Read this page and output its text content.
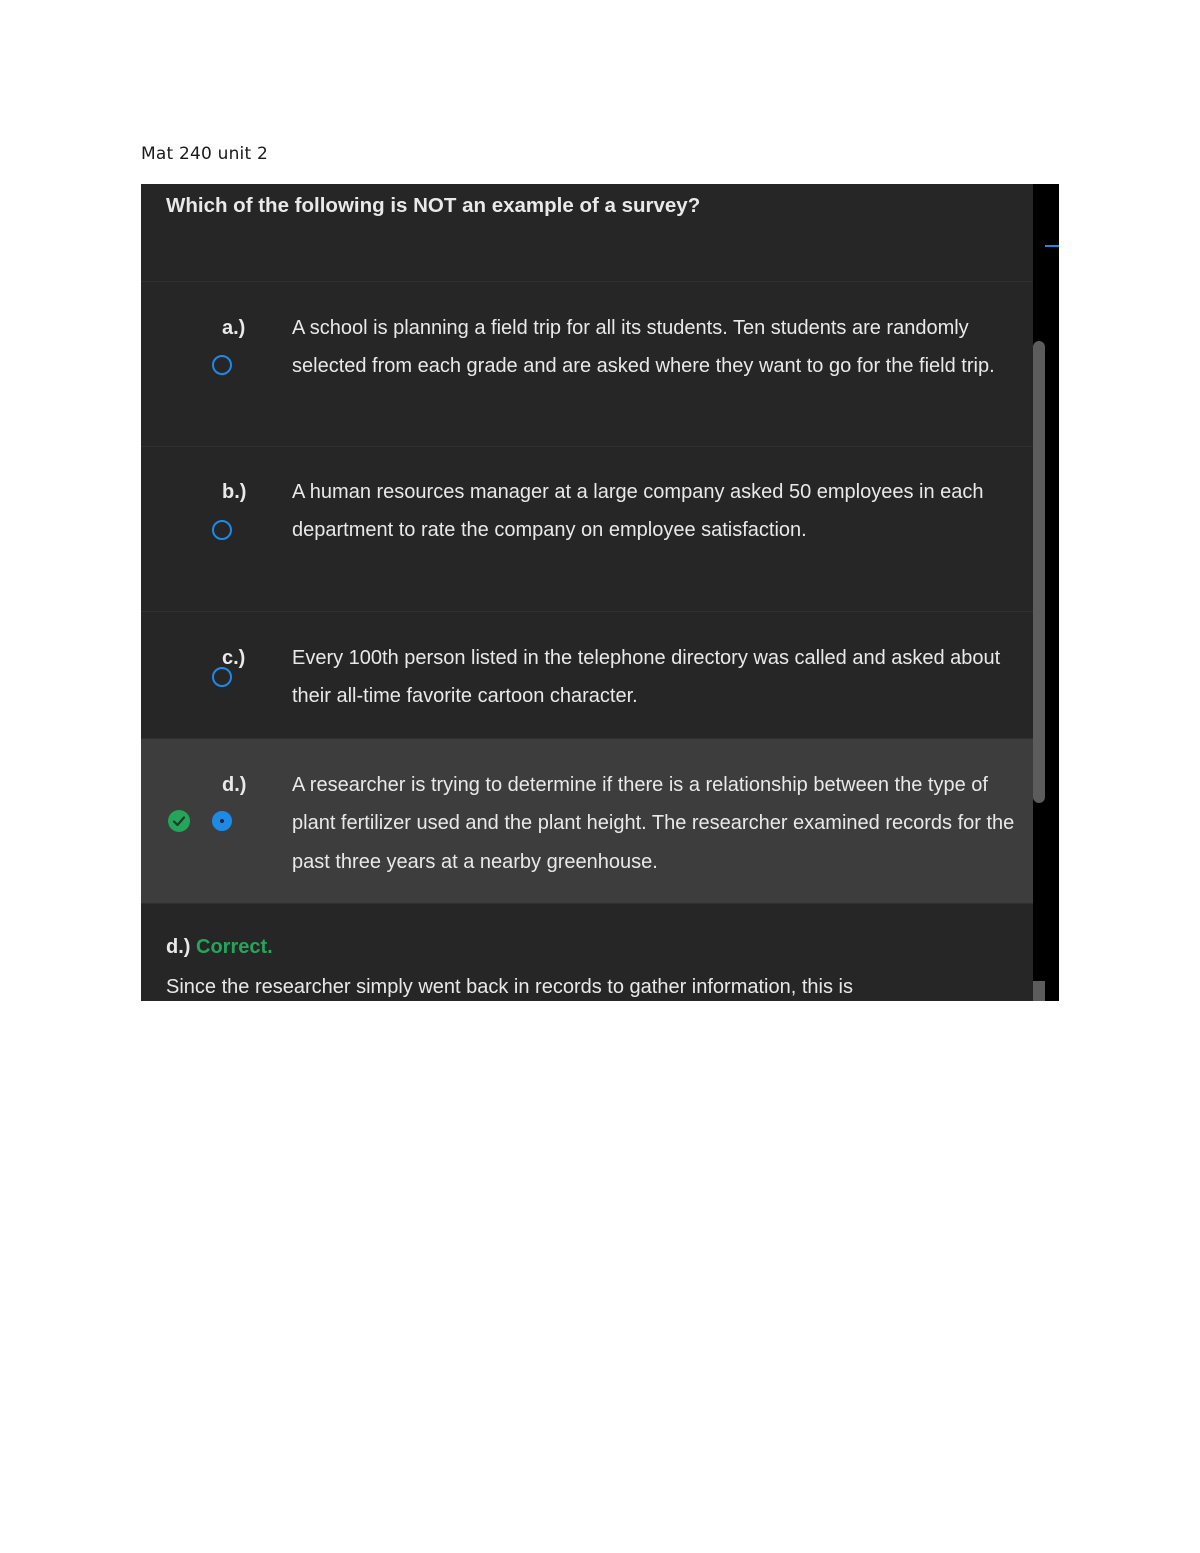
Mat 240 unit 2
Which of the following is NOT an example of a survey?
a.) A school is planning a field trip for all its students. Ten students are randomly selected from each grade and are asked where they want to go for the field trip.
b.) A human resources manager at a large company asked 50 employees in each department to rate the company on employee satisfaction.
c.) Every 100th person listed in the telephone directory was called and asked about their all-time favorite cartoon character.
d.) A researcher is trying to determine if there is a relationship between the type of plant fertilizer used and the plant height. The researcher examined records for the past three years at a nearby greenhouse.
d.) Correct.
Since the researcher simply went back in records to gather information, this is
